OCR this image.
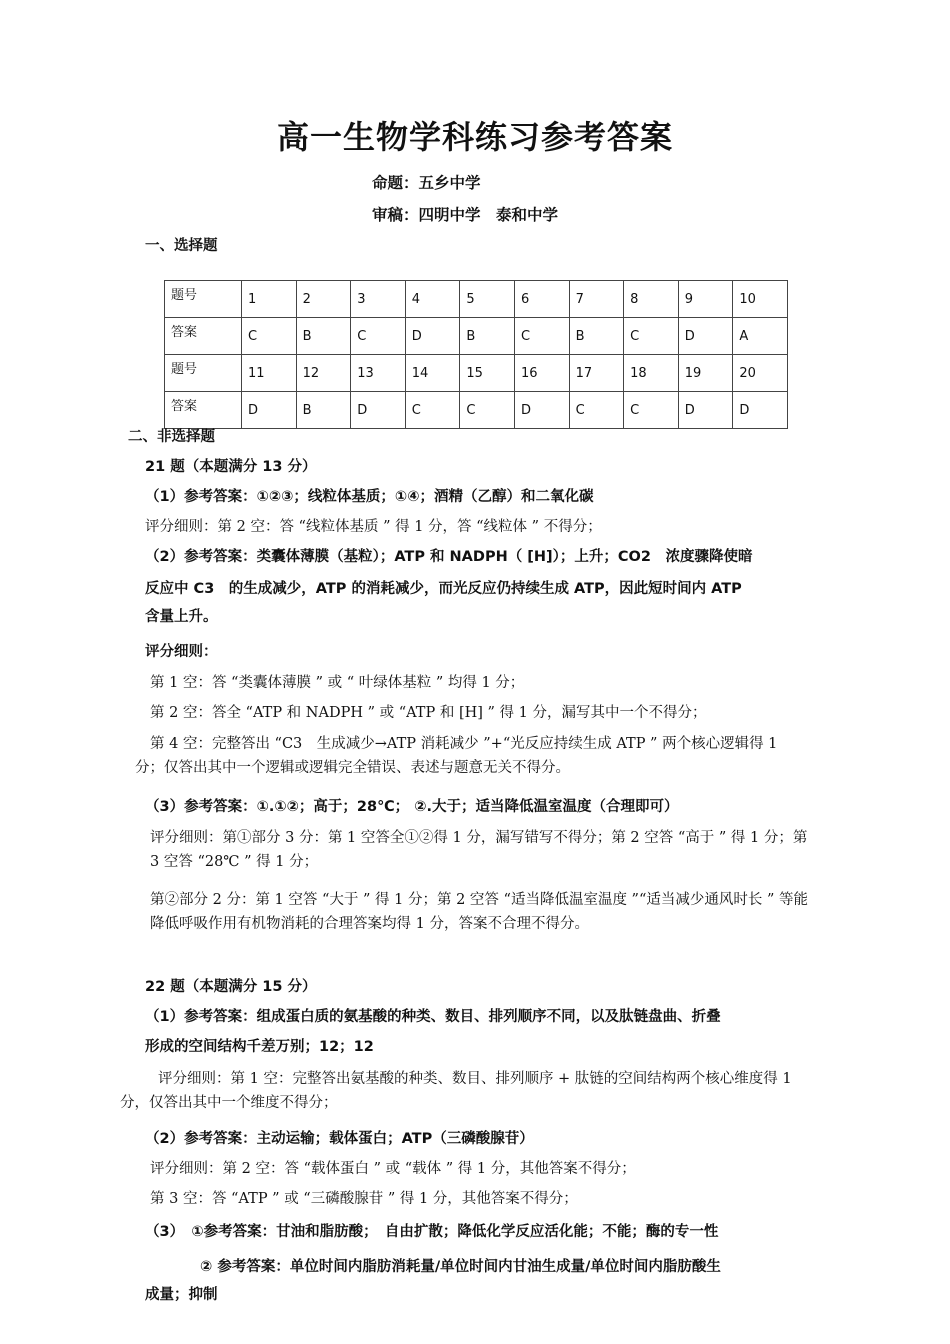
高一生物学科练习参考答案
命题：五乡中学
审稿：四明中学　泰和中学
一、选择题
题号	1	2	3	4	5	6	7	8	9	10
答案	C	B	C	D	B	C	B	C	D	A
题号	11	12	13	14	15	16	17	18	19	20
答案	D	B	D	C	C	D	C	C	D	D
二、非选择题
21 题（本题满分 13 分）
（1）参考答案：①②③；线粒体基质；①④；酒精（乙醇）和二氧化碳
评分细则：第 2 空：答 “线粒体基质 ” 得 1 分，答 “线粒体 ” 不得分；
（2）参考答案：类囊体薄膜（基粒）；ATP 和 NADPH（ [H]）；上升；CO2　浓度骤降使暗
反应中 C3　的生成减少，ATP 的消耗减少，而光反应仍持续生成 ATP，因此短时间内 ATP
含量上升。
评分细则：
第 1 空：答 “类囊体薄膜 ” 或 “ 叶绿体基粒 ” 均得 1 分；
第 2 空：答全 “ATP 和 NADPH ” 或 “ATP 和 [H] ” 得 1 分，漏写其中一个不得分；
第 4 空：完整答出 “C3　生成减少→ATP 消耗减少 ”+“光反应持续生成 ATP ” 两个核心逻辑得 1 分；仅答出其中一个逻辑或逻辑完全错误、表述与题意无关不得分。
（3）参考答案：①.①②；高于；28℃； ②.大于；适当降低温室温度（合理即可）
评分细则：第①部分 3 分：第 1 空答全①②得 1 分，漏写错写不得分；第 2 空答 “高于 ” 得 1 分；第 3 空答 “28℃ ” 得 1 分；
第②部分 2 分：第 1 空答 “大于 ” 得 1 分；第 2 空答 “适当降低温室温度 ”“适当减少通风时长 ” 等能降低呼吸作用有机物消耗的合理答案均得 1 分，答案不合理不得分。
22 题（本题满分 15 分）
（1）参考答案：组成蛋白质的氨基酸的种类、数目、排列顺序不同，以及肽链盘曲、折叠
形成的空间结构千差万别；12；12
评分细则：第 1 空：完整答出氨基酸的种类、数目、排列顺序 + 肽链的空间结构两个核心维度得 1 分，仅答出其中一个维度不得分；
（2）参考答案：主动运输；载体蛋白；ATP（三磷酸腺苷）
评分细则：第 2 空：答 “载体蛋白 ” 或 “载体 ” 得 1 分，其他答案不得分；
第 3 空：答 “ATP ” 或 “三磷酸腺苷 ” 得 1 分，其他答案不得分；
（3）　①参考答案：甘油和脂肪酸；　自由扩散；降低化学反应活化能；不能；酶的专一性
② 参考答案：单位时间内脂肪消耗量/单位时间内甘油生成量/单位时间内脂肪酸生
成量；抑制
